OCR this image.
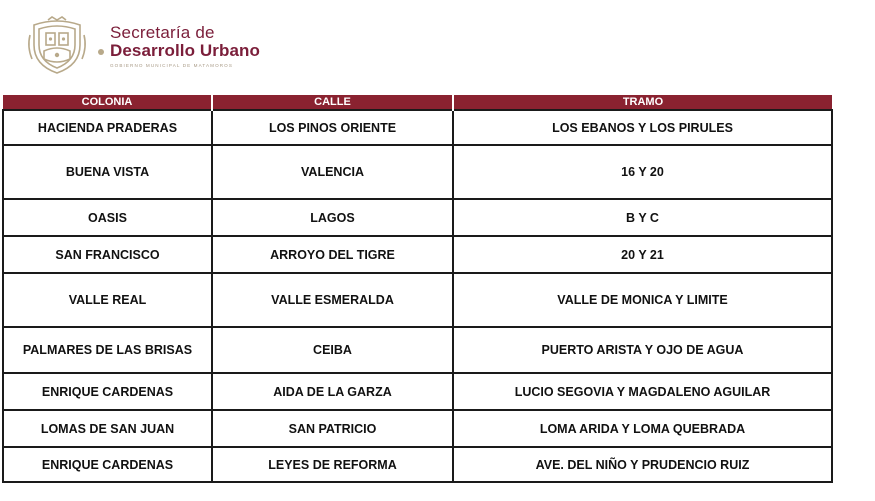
Secretaría de
Desarrollo Urbano
GOBIERNO MUNICIPAL DE MATAMOROS
COLONIA	CALLE	TRAMO
HACIENDA PRADERAS	LOS PINOS ORIENTE	LOS EBANOS Y LOS PIRULES
BUENA VISTA	VALENCIA	16 Y 20
OASIS	LAGOS	B Y C
SAN FRANCISCO	ARROYO DEL TIGRE	20 Y 21
VALLE REAL	VALLE ESMERALDA	VALLE DE MONICA Y LIMITE
PALMARES DE LAS BRISAS	CEIBA	PUERTO ARISTA Y OJO DE AGUA
ENRIQUE CARDENAS	AIDA DE LA GARZA	LUCIO SEGOVIA Y MAGDALENO AGUILAR
LOMAS DE SAN JUAN	SAN PATRICIO	LOMA ARIDA Y LOMA QUEBRADA
ENRIQUE CARDENAS	LEYES DE REFORMA	AVE. DEL NIÑO Y PRUDENCIO RUIZ
